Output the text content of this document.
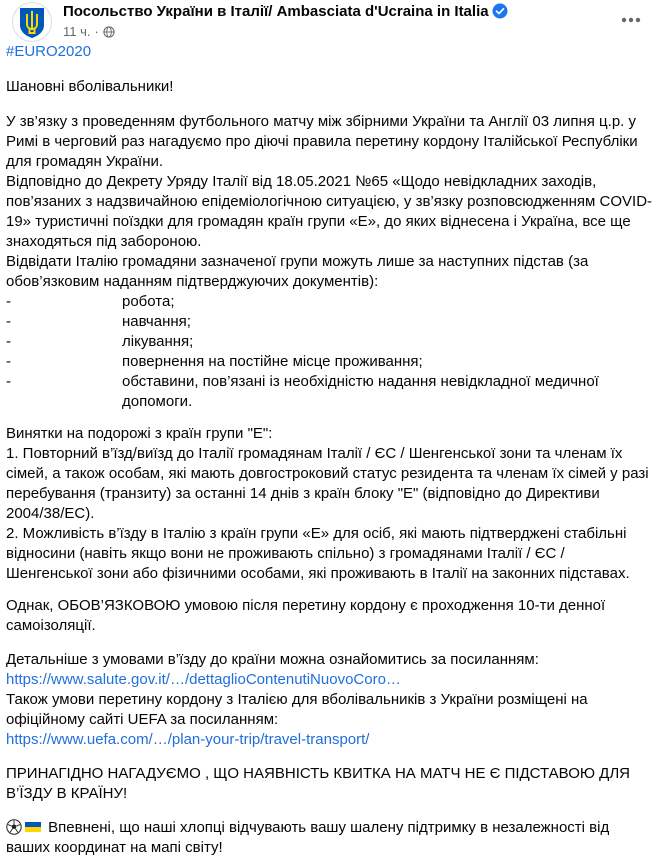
Посольство України в Італії/ Ambasciata d'Ucraina in Italia
11 ч. ·

#EURO2020

Шановні вболівальники!

У зв’язку з проведенням футбольного матчу між збірними України та Англії 03 липня ц.р. у Римі в черговий раз нагадуємо про діючі правила перетину кордону Італійської Республіки для громадян України.

Відповідно до Декрету Уряду Італії від 18.05.2021 №65 «Щодо невідкладних заходів, пов’язаних з надзвичайною епідеміологічною ситуацією, у зв’язку розповсюдженням COVID-19» туристичні поїздки для громадян країн групи «Е», до яких віднесена і Україна, все ще знаходяться під забороною.

Відвідати Італію громадяни зазначеної групи можуть лише за наступних підстав (за обов’язковим наданням підтверджуючих документів):

-	робота;
-	навчання;
-	лікування;
-	повернення на постійне місце проживання;
-	обставини, пов’язані із необхідністю надання невідкладної медичної допомоги.

Винятки на подорожі з країн групи "Е":

1. Повторний в’їзд/виїзд до Італії громадянам Італії / ЄС / Шенгенської зони та членам їх сімей, а також особам, які мають довгостроковий статус резидента та членам їх сімей у разі перебування (транзиту) за останні 14 днів з країн блоку "Е" (відповідно до Директиви 2004/38/ЕС).

2. Можливість в’їзду в Італію з країн групи «Е» для осіб, які мають підтверджені стабільні відносини (навіть якщо вони не проживають спільно) з громадянами Італії / ЄС / Шенгенської зони або фізичними особами, які проживають в Італії на законних підставах.

Однак, ОБОВ’ЯЗКОВОЮ умовою після перетину кордону є проходження 10-ти денної самоізоляції.

Детальніше з умовами в’їзду до країни можна ознайомитись за посиланням:

https://www.salute.gov.it/…/dettaglioContenutiNuovoCoro…

Також умови перетину кордону з Італією для вболівальників з України розміщені на офіційному сайті UEFA за посиланням:

https://www.uefa.com/…/plan-your-trip/travel-transport/

ПРИНАГІДНО НАГАДУЄМО , ЩО НАЯВНІСТЬ КВИТКА НА МАТЧ НЕ Є ПІДСТАВОЮ ДЛЯ В’ЇЗДУ В КРАЇНУ!

Впевнені, що наші хлопці відчувають вашу шалену підтримку в незалежності від ваших координат на мапі світу!
